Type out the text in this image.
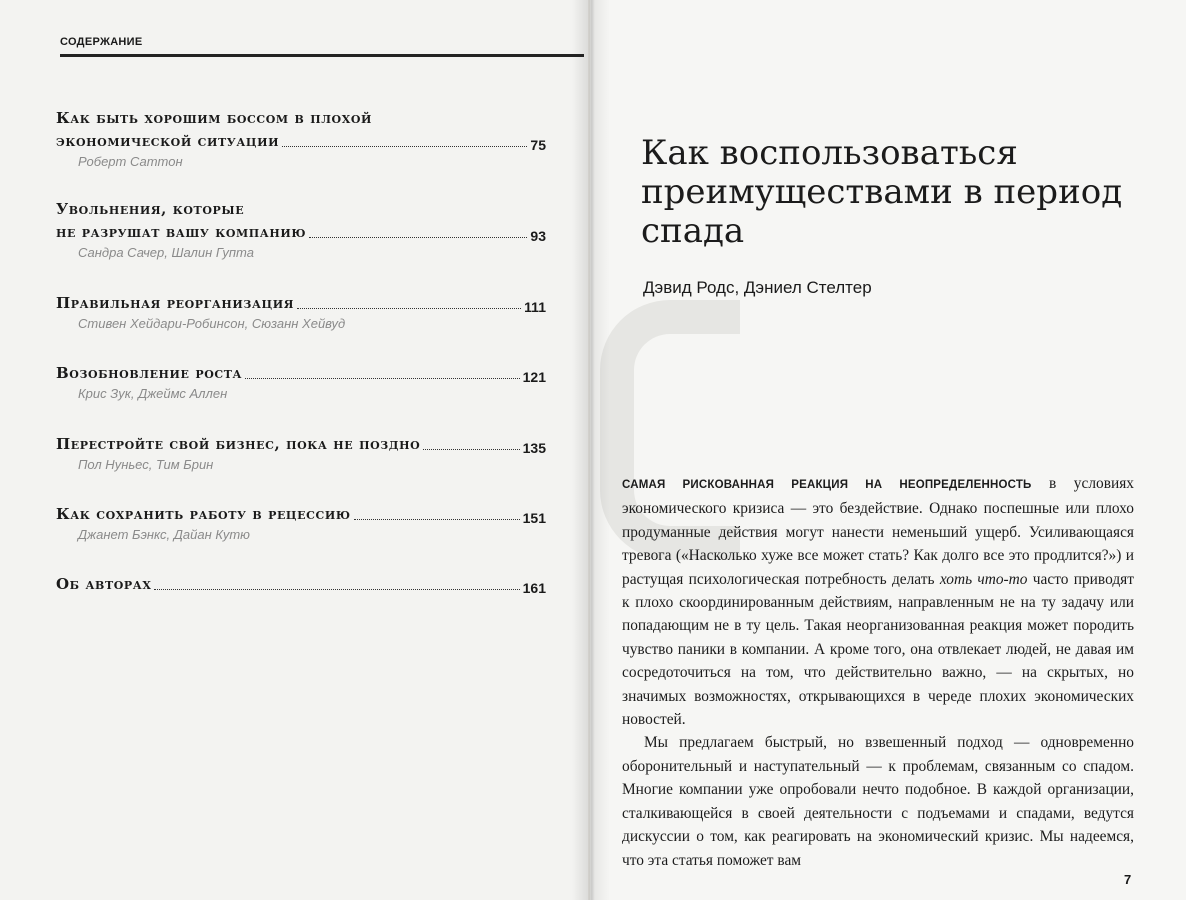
СОДЕРЖАНИЕ
Как быть хорошим боссом в плохой
экономической ситуации	75
Роберт Саттон
Увольнения, которые
не разрушат вашу компанию	93
Сандра Сачер, Шалин Гупта
Правильная реорганизация	111
Стивен Хейдари-Робинсон, Сюзанн Хейвуд
Возобновление роста	121
Крис Зук, Джеймс Аллен
Перестройте свой бизнес, пока не поздно	135
Пол Нуньес, Тим Брин
Как сохранить работу в рецессию	151
Джанет Бэнкс, Дайан Кутю
Об авторах	161
Как воспользоваться преимуществами в период спада
Дэвид Родс, Дэниел Стелтер

САМАЯ РИСКОВАННАЯ РЕАКЦИЯ НА НЕОПРЕДЕЛЕННОСТЬ в условиях экономического кризиса — это бездействие. Однако поспешные или плохо продуманные действия могут нанести неменьший ущерб. Усиливающаяся тревога («Насколько хуже все может стать? Как долго все это продлится?») и растущая психологическая потребность делать хоть что-то часто приводят к плохо скоординированным действиям, направленным не на ту задачу или попадающим не в ту цель. Такая неорганизованная реакция может породить чувство паники в компании. А кроме того, она отвлекает людей, не давая им сосредоточиться на том, что действительно важно, — на скрытых, но значимых возможностях, открывающихся в череде плохих экономических новостей.

Мы предлагаем быстрый, но взвешенный подход — одновременно оборонительный и наступательный — к проблемам, связанным со спадом. Многие компании уже опробовали нечто подобное. В каждой организации, сталкивающейся в своей деятельности с подъемами и спадами, ведутся дискуссии о том, как реагировать на экономический кризис. Мы надеемся, что эта статья поможет вам

7
